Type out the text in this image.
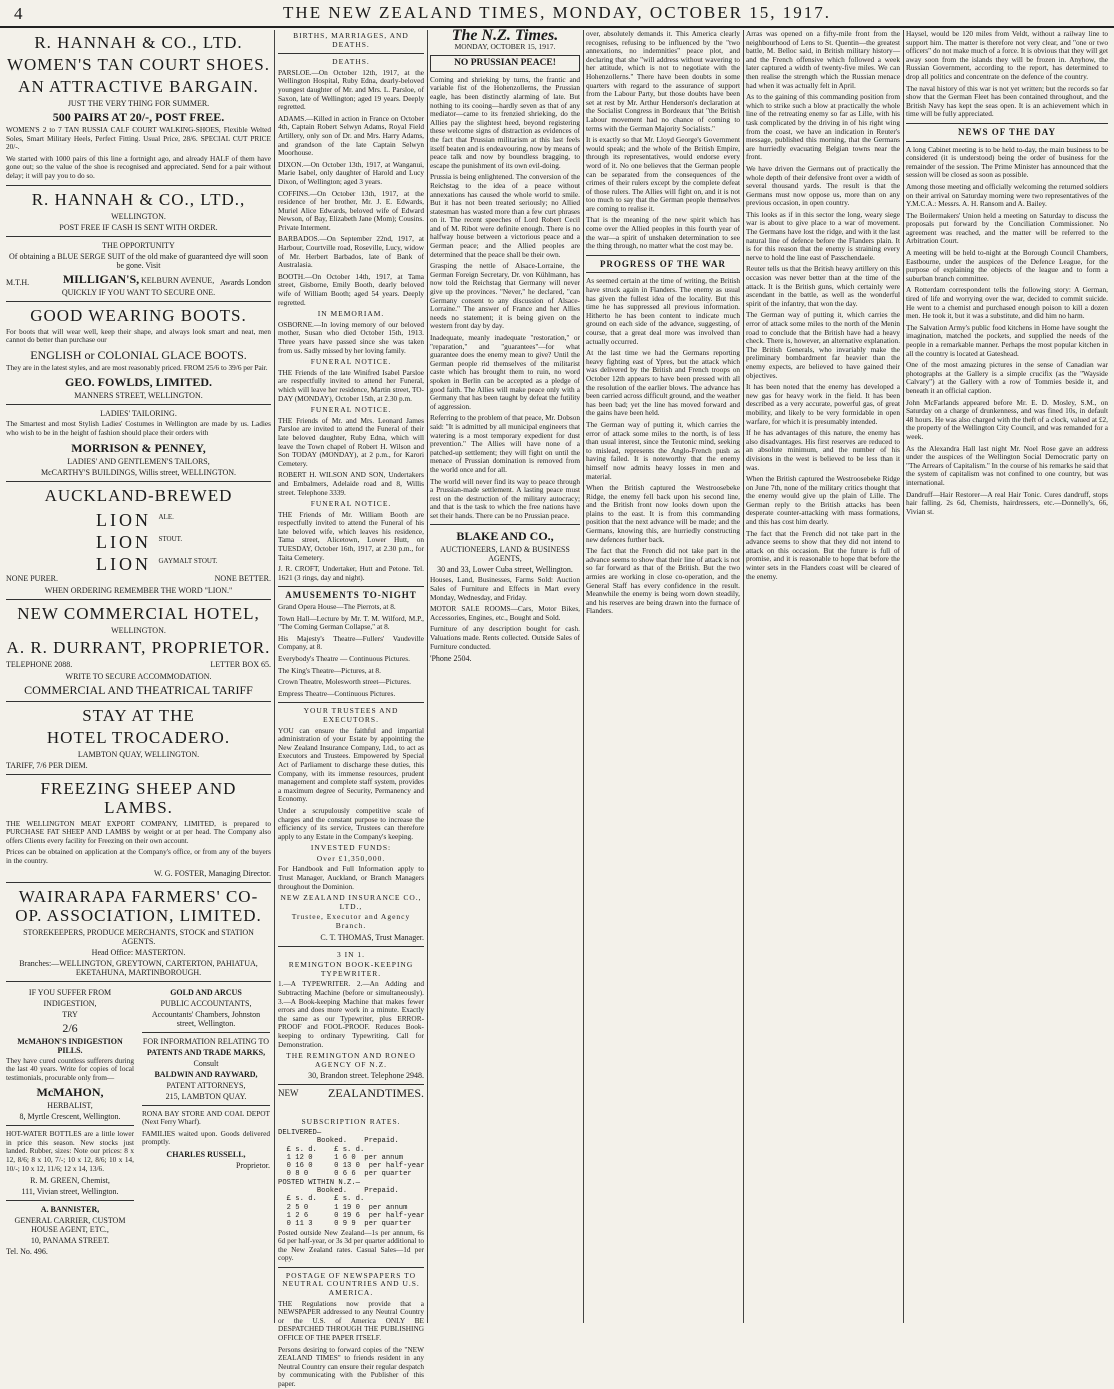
4	THE NEW ZEALAND TIMES, MONDAY, OCTOBER 15, 1917.
R. HANNAH & CO., LTD.
WOMEN'S TAN COURT SHOES.
AN ATTRACTIVE BARGAIN.
JUST THE VERY THING FOR SUMMER.
500 PAIRS AT 20/-, POST FREE.

WOMEN'S 2 to 7 TAN RUSSIA CALF COURT WALKING-SHOES, Flexible Welted Soles, Smart Military Heels, Perfect Fitting. Usual Price, 28/6. SPECIAL CUT PRICE 20/-.

We started with 1000 pairs of this line a fortnight ago, and already HALF of them have gone out; so the value of the shoe is recognised and appreciated. Send for a pair without delay; it will pay you to do so.

R. HANNAH & CO., LTD.,
WELLINGTON.
POST FREE IF CASH IS SENT WITH ORDER.
THE OPPORTUNITY
Of obtaining a BLUE SERGE SUIT of the old make of guaranteed dye will soon be gone. Visit
M.T.H.	MILLIGAN'S, KELBURN AVENUE, Awards London
QUICKLY IF YOU WANT TO SECURE ONE.
GOOD WEARING BOOTS.

For boots that will wear well, keep their shape, and always look smart and neat, men cannot do better than purchase our

ENGLISH or COLONIAL GLACE BOOTS.

They are in the latest styles, and are most reasonably priced. FROM 25/6 to 39/6 per Pair.

GEO. FOWLDS, LIMITED.
MANNERS STREET, WELLINGTON.
LADIES' TAILORING.

The Smartest and most Stylish Ladies' Costumes in Wellington are made by us. Ladies who wish to be in the height of fashion should place their orders with

MORRISON & PENNEY,
LADIES' AND GENTLEMEN'S TAILORS,
McCARTHY'S BUILDINGS, Willis street, WELLINGTON.
AUCKLAND-BREWED
LION $^{ALE.}$
LION $^{STOUT.}$
LION $^{GAYMALT STOUT.}$
NONE PURER.	NONE BETTER.
WHEN ORDERING REMEMBER THE WORD "LION."
NEW COMMERCIAL HOTEL,
WELLINGTON.
A. R. DURRANT, PROPRIETOR.
TELEPHONE 2088.	LETTER BOX 65.
WRITE TO SECURE ACCOMMODATION.
COMMERCIAL AND THEATRICAL TARIFF
STAY AT THE
HOTEL TROCADERO.
LAMBTON QUAY, WELLINGTON.
TARIFF, 7/6 PER DIEM.
FREEZING SHEEP AND LAMBS.

THE WELLINGTON MEAT EXPORT COMPANY, LIMITED, is prepared to PURCHASE FAT SHEEP AND LAMBS by weight or at per head. The Company also offers Clients every facility for Freezing on their own account.

Prices can be obtained on application at the Company's office, or from any of the buyers in the country.

W. G. FOSTER, Managing Director.
WAIRARAPA FARMERS' CO-OP. ASSOCIATION, LIMITED.
STOREKEEPERS, PRODUCE MERCHANTS, STOCK and STATION AGENTS.
Head Office: MASTERTON.
Branches:—WELLINGTON, GREYTOWN, CARTERTON, PAHIATUA, EKETAHUNA, MARTINBOROUGH.
IF YOU SUFFER FROM
INDIGESTION,
TRY
2/6
McMAHON'S INDIGESTION PILLS.

They have cured countless sufferers during the last 40 years. Write for copies of local testimonials, procurable only from—

McMAHON,
HERBALIST,
8, Myrtle Crescent, Wellington.

HOT-WATER BOTTLES are a little lower in price this season. New stocks just landed. Rubber, sizes: Note our prices: 8 x 12, 8/6; 8 x 10, 7/-; 10 x 12, 8/6; 10 x 14, 10/-; 10 x 12, 11/6; 12 x 14, 13/6.

R. M. GREEN, Chemist,
111, Vivian street, Wellington.
A. BANNISTER,
GENERAL CARRIER, CUSTOM HOUSE AGENT, ETC.,
10, PANAMA STREET.
Tel. No. 496.
GOLD AND ARCUS
PUBLIC ACCOUNTANTS,
Accountants' Chambers, Johnston street, Wellington.
FOR INFORMATION RELATING TO
PATENTS AND TRADE MARKS,
Consult
BALDWIN AND RAYWARD,
PATENT ATTORNEYS,
215, LAMBTON QUAY.

RONA BAY STORE AND COAL DEPOT (Next Ferry Wharf).

FAMILIES waited upon. Goods delivered promptly.

CHARLES RUSSELL,
Proprietor.
BIRTHS, MARRIAGES, AND DEATHS.
DEATHS.

PARSLOE.—On October 12th, 1917, at the Wellington Hospital, Ruby Edna, dearly-beloved youngest daughter of Mr. and Mrs. L. Parsloe, of Saxon, late of Wellington; aged 19 years. Deeply regretted.

ADAMS.—Killed in action in France on October 4th, Captain Robert Selwyn Adams, Royal Field Artillery, only son of Dr. and Mrs. Harry Adams, and grandson of the late Captain Selwyn Moorhouse.

DIXON.—On October 13th, 1917, at Wanganui, Marie Isabel, only daughter of Harold and Lucy Dixon, of Wellington; aged 3 years.

COFFINS.—On October 13th, 1917, at the residence of her brother, Mr. J. E. Edwards, Muriel Alice Edwards, beloved wife of Edward Newson, of Bay, Elizabeth Jane (Mom); Cousins. Private Interment.

BARBADOS.—On September 22nd, 1917, at Harbour, Courtville road, Roseville, Lucy, widow of Mr. Herbert Barbados, late of Bank of Australasia.

BOOTH.—On October 14th, 1917, at Tama street, Gisborne, Emily Booth, dearly beloved wife of William Booth; aged 54 years. Deeply regretted.

IN MEMORIAM.

OSBORNE.—In loving memory of our beloved mother, Susan who died October 15th, 1913. Three years have passed since she was taken from us. Sadly missed by her loving family.

FUNERAL NOTICE.

THE Friends of the late Winifred Isabel Parsloe are respectfully invited to attend her Funeral, which will leave her residence, Martin street, TO-DAY (MONDAY), October 15th, at 2.30 p.m.

FUNERAL NOTICE.

THE Friends of Mr. and Mrs. Leonard James Parsloe are invited to attend the Funeral of their late beloved daughter, Ruby Edna, which will leave the Town chapel of Robert H. Wilson and Son TODAY (MONDAY), at 2 p.m., for Karori Cemetery.

ROBERT H. WILSON AND SON, Undertakers and Embalmers, Adelaide road and 8, Willis street. Telephone 3339.

FUNERAL NOTICE.

THE Friends of Mr. William Booth are respectfully invited to attend the Funeral of his late beloved wife, which leaves his residence, Tama street, Alicetown, Lower Hutt, on TUESDAY, October 16th, 1917, at 2.30 p.m., for Taita Cemetery.

J. R. CROFT, Undertaker, Hutt and Petone. Tel. 1621 (3 rings, day and night).

AMUSEMENTS TO-NIGHT

Grand Opera House—The Pierrots, at 8.

Town Hall—Lecture by Mr. T. M. Wilford, M.P., "The Coming German Collapse," at 8.

His Majesty's Theatre—Fullers' Vaudeville Company, at 8.

Everybody's Theatre — Continuous Pictures.

The King's Theatre—Pictures, at 8.

Crown Theatre, Molesworth street—Pictures.

Empress Theatre—Continuous Pictures.

YOUR TRUSTEES AND EXECUTORS.

YOU can ensure the faithful and impartial administration of your Estate by appointing the New Zealand Insurance Company, Ltd., to act as Executors and Trustees. Empowered by Special Act of Parliament to discharge these duties, this Company, with its immense resources, prudent management and complete staff system, provides a maximum degree of Security, Permanency and Economy.

Under a scrupulously competitive scale of charges and the constant purpose to increase the efficiency of its service, Trustees can therefore apply to any Estate in the Company's keeping.

INVESTED FUNDS:
Over £1,350,000.

For Handbook and Full Information apply to Trust Manager, Auckland, or Branch Managers throughout the Dominion.

NEW ZEALAND INSURANCE CO., LTD.,
Trustee, Executor and Agency Branch.
C. T. THOMAS, Trust Manager.
3 IN 1.
REMINGTON BOOK-KEEPING TYPEWRITER.

1.—A TYPEWRITER. 2.—An Adding and Subtracting Machine (before or simultaneously). 3.—A Book-keeping Machine that makes fewer errors and does more work in a minute. Exactly the same as our Typewriter, plus ERROR-PROOF and FOOL-PROOF. Reduces Book-keeping to ordinary Typewriting. Call for Demonstration.

THE REMINGTON AND RONEO AGENCY OF N.Z.
30, Brandon street. Telephone 2948.
NEW ZEALAND TIMES.
SUBSCRIPTION RATES.
DELIVERED—
Booked.    Prepaid.
£ s. d.    £ s. d.
1 12 0     1 6 0  per annum
0 16 0     0 13 0  per half-year
0 8 0      0 6 6  per quarter
POSTED WITHIN N.Z.—
Booked.    Prepaid.
£ s. d.    £ s. d.
2 5 0      1 19 0  per annum
1 2 6      0 19 6  per half-year
0 11 3     0 9 9  per quarter

Posted outside New Zealand—1s per annum, 6s 6d per half-year, or 3s 3d per quarter additional to the New Zealand rates. Casual Sales—1d per copy.

POSTAGE OF NEWSPAPERS TO NEUTRAL COUNTRIES AND U.S. AMERICA.

THE Regulations now provide that a NEWSPAPER addressed to any Neutral Country or the U.S. of America ONLY BE DESPATCHED THROUGH THE PUBLISHING OFFICE OF THE PAPER ITSELF.

Persons desiring to forward copies of the "NEW ZEALAND TIMES" to friends resident in any Neutral Country can ensure their regular despatch by communicating with the Publisher of this paper.

The N.Z. Times.
MONDAY, OCTOBER 15, 1917.
NO PRUSSIAN PEACE!

Coming and shrieking by turns, the frantic and variable fist of the Hohenzollerns, the Prussian eagle, has been distinctly alarming of late. But nothing to its cooing—hardly seven as that of any mediator—came to its frenzied shrieking, do the Allies pay the slightest heed, beyond registering these welcome signs of distraction as evidences of the fact that Prussian militarism at this last feels itself beaten and is endeavouring, now by means of peace talk and now by boundless bragging, to escape the punishment of its own evil-doing.

Prussia is being enlightened. The conversion of the Reichstag to the idea of a peace without annexations has caused the whole world to smile. But it has not been treated seriously; no Allied statesman has wasted more than a few curt phrases on it. The recent speeches of Lord Robert Cecil and of M. Ribot were definite enough. There is no halfway house between a victorious peace and a German peace; and the Allied peoples are determined that the peace shall be their own.

Grasping the nettle of Alsace-Lorraine, the German Foreign Secretary, Dr. von Kühlmann, has now told the Reichstag that Germany will never give up the provinces. "Never," he declared, "can Germany consent to any discussion of Alsace-Lorraine." The answer of France and her Allies needs no statement; it is being given on the western front day by day.

Inadequate, meanly inadequate "restoration," or "reparation," and "guarantees"—for what guarantee does the enemy mean to give? Until the German people rid themselves of the militarist caste which has brought them to ruin, no word spoken in Berlin can be accepted as a pledge of good faith. The Allies will make peace only with a Germany that has been taught by defeat the futility of aggression.

Referring to the problem of that peace, Mr. Dobson said: "It is admitted by all municipal engineers that watering is a most temporary expedient for dust prevention." The Allies will have none of a patched-up settlement; they will fight on until the menace of Prussian domination is removed from the world once and for all.

The world will never find its way to peace through a Prussian-made settlement. A lasting peace must rest on the destruction of the military autocracy; and that is the task to which the free nations have set their hands. There can be no Prussian peace.

BLAKE AND CO.,
AUCTIONEERS, LAND & BUSINESS AGENTS,
30 and 33, Lower Cuba street, Wellington.

Houses, Land, Businesses, Farms Sold: Auction Sales of Furniture and Effects in Mart every Monday, Wednesday, and Friday.

MOTOR SALE ROOMS—Cars, Motor Bikes, Accessories, Engines, etc., Bought and Sold.

Furniture of any description bought for cash. Valuations made. Rents collected. Outside Sales of Furniture conducted.

'Phone 2504.

over, absolutely demands it. This America clearly recognises, refusing to be influenced by the "two annexations, no indemnities" peace plot, and declaring that she "will address without wavering to her attitude, which is not to negotiate with the Hohenzollerns." There have been doubts in some quarters with regard to the assurance of support from the Labour Party, but those doubts have been set at rest by Mr. Arthur Henderson's declaration at the Socialist Congress in Bordeaux that "the British Labour movement had no chance of coming to terms with the German Majority Socialists."

It is exactly so that Mr. Lloyd George's Government would speak; and the whole of the British Empire, through its representatives, would endorse every word of it. No one believes that the German people can be separated from the consequences of the crimes of their rulers except by the complete defeat of those rulers. The Allies will fight on, and it is not too much to say that the German people themselves are coming to realise it.

That is the meaning of the new spirit which has come over the Allied peoples in this fourth year of the war—a spirit of unshaken determination to see the thing through, no matter what the cost may be.

PROGRESS OF THE WAR

As seemed certain at the time of writing, the British have struck again in Flanders. The enemy as usual has given the fullest idea of the locality. But this time he has suppressed all previous information. Hitherto he has been content to indicate much ground on each side of the advance, suggesting, of course, that a great deal more was involved than actually occurred.

At the last time we had the Germans reporting heavy fighting east of Ypres, but the attack which was delivered by the British and French troops on October 12th appears to have been pressed with all the resolution of the earlier blows. The advance has been carried across difficult ground, and the weather has been bad; yet the line has moved forward and the gains have been held.

The German way of putting it, which carries the error of attack some miles to the north, is of less than usual interest, since the Teutonic mind, seeking to mislead, represents the Anglo-French push as having failed. It is noteworthy that the enemy himself now admits heavy losses in men and material.

When the British captured the Westroosebeke Ridge, the enemy fell back upon his second line, and the British front now looks down upon the plains to the east. It is from this commanding position that the next advance will be made; and the Germans, knowing this, are hurriedly constructing new defences further back.

The fact that the French did not take part in the advance seems to show that their line of attack is not so far forward as that of the British. But the two armies are working in close co-operation, and the General Staff has every confidence in the result. Meanwhile the enemy is being worn down steadily, and his reserves are being drawn into the furnace of Flanders.

Arras was opened on a fifty-mile front from the neighbourhood of Lens to St. Quentin—the greatest battle, M. Belloc said, in British military history—and the French offensive which followed a week later captured a width of twenty-five miles. We can then realise the strength which the Russian menace had when it was actually felt in April.

As to the gaining of this commanding position from which to strike such a blow at practically the whole line of the retreating enemy so far as Lille, with his task complicated by the driving in of his right wing from the coast, we have an indication in Reuter's message, published this morning, that the Germans are hurriedly evacuating Belgian towns near the front.

We have driven the Germans out of practically the whole depth of their defensive front over a width of several thousand yards. The result is that the Germans must now oppose us, more than on any previous occasion, in open country.

This looks as if in this sector the long, weary siege war is about to give place to a war of movement. The Germans have lost the ridge, and with it the last natural line of defence before the Flanders plain. It is for this reason that the enemy is straining every nerve to hold the line east of Passchendaele.

Reuter tells us that the British heavy artillery on this occasion was never better than at the time of the attack. It is the British guns, which certainly were ascendant in the battle, as well as the wonderful spirit of the infantry, that won the day.

The German way of putting it, which carries the error of attack some miles to the north of the Menin road to conclude that the British have had a heavy check. There is, however, an alternative explanation. The British Generals, who invariably make the preliminary bombardment far heavier than the enemy expects, are believed to have gained their objectives.

It has been noted that the enemy has developed a new gas for heavy work in the field. It has been described as a very accurate, powerful gas, of great mobility, and likely to be very formidable in open warfare, for which it is presumably intended.

If he has advantages of this nature, the enemy has also disadvantages. His first reserves are reduced to an absolute minimum, and the number of his divisions in the west is believed to be less than it was.

When the British captured the Westroosebeke Ridge on June 7th, none of the military critics thought that the enemy would give up the plain of Lille. The German reply to the British attacks has been desperate counter-attacking with mass formations, and this has cost him dearly.

The fact that the French did not take part in the advance seems to show that they did not intend to attack on this occasion. But the future is full of promise, and it is reasonable to hope that before the winter sets in the Flanders coast will be cleared of the enemy.

Haysel, would be 120 miles from Veldt, without a railway line to support him. The matter is therefore not very clear, and "one or two officers" do not make much of a force. It is obvious that they will get away soon from the islands they will be frozen in. Anyhow, the Russian Government, according to the report, has determined to drop all politics and concentrate on the defence of the country.

The naval history of this war is not yet written; but the records so far show that the German Fleet has been contained throughout, and the British Navy has kept the seas open. It is an achievement which in time will be fully appreciated.

NEWS OF THE DAY

A long Cabinet meeting is to be held to-day, the main business to be considered (it is understood) being the order of business for the remainder of the session. The Prime Minister has announced that the session will be closed as soon as possible.

Among those meeting and officially welcoming the returned soldiers on their arrival on Saturday morning were two representatives of the Y.M.C.A.: Messrs. A. H. Ransom and A. Bailey.

The Boilermakers' Union held a meeting on Saturday to discuss the proposals put forward by the Conciliation Commissioner. No agreement was reached, and the matter will be referred to the Arbitration Court.

A meeting will be held to-night at the Borough Council Chambers, Eastbourne, under the auspices of the Defence League, for the purpose of explaining the objects of the league and to form a suburban branch committee.

A Rotterdam correspondent tells the following story: A German, tired of life and worrying over the war, decided to commit suicide. He went to a chemist and purchased enough poison to kill a dozen men. He took it, but it was a substitute, and did him no harm.

The Salvation Army's public food kitchens in Home have sought the imagination, matched the pockets, and supplied the needs of the people in a remarkable manner. Perhaps the most popular kitchen in all the country is located at Gateshead.

One of the most amazing pictures in the sense of Canadian war photographs at the Gallery is a simple crucifix (as the "Wayside Calvary") at the Gallery with a row of Tommies beside it, and beneath it an official caption.

John McFarlands appeared before Mr. E. D. Mosley, S.M., on Saturday on a charge of drunkenness, and was fined 10s, in default 48 hours. He was also charged with the theft of a clock, valued at £2, the property of the Wellington City Council, and was remanded for a week.

As the Alexandra Hall last night Mr. Noel Rose gave an address under the auspices of the Wellington Social Democratic party on "The Arrears of Capitalism." In the course of his remarks he said that the system of capitalism was not confined to one country, but was international.

Dandruff—Hair Restorer—A real Hair Tonic. Cures dandruff, stops hair falling. 2s 6d, Chemists, hairdressers, etc.—Donnelly's, 66, Vivian st.
